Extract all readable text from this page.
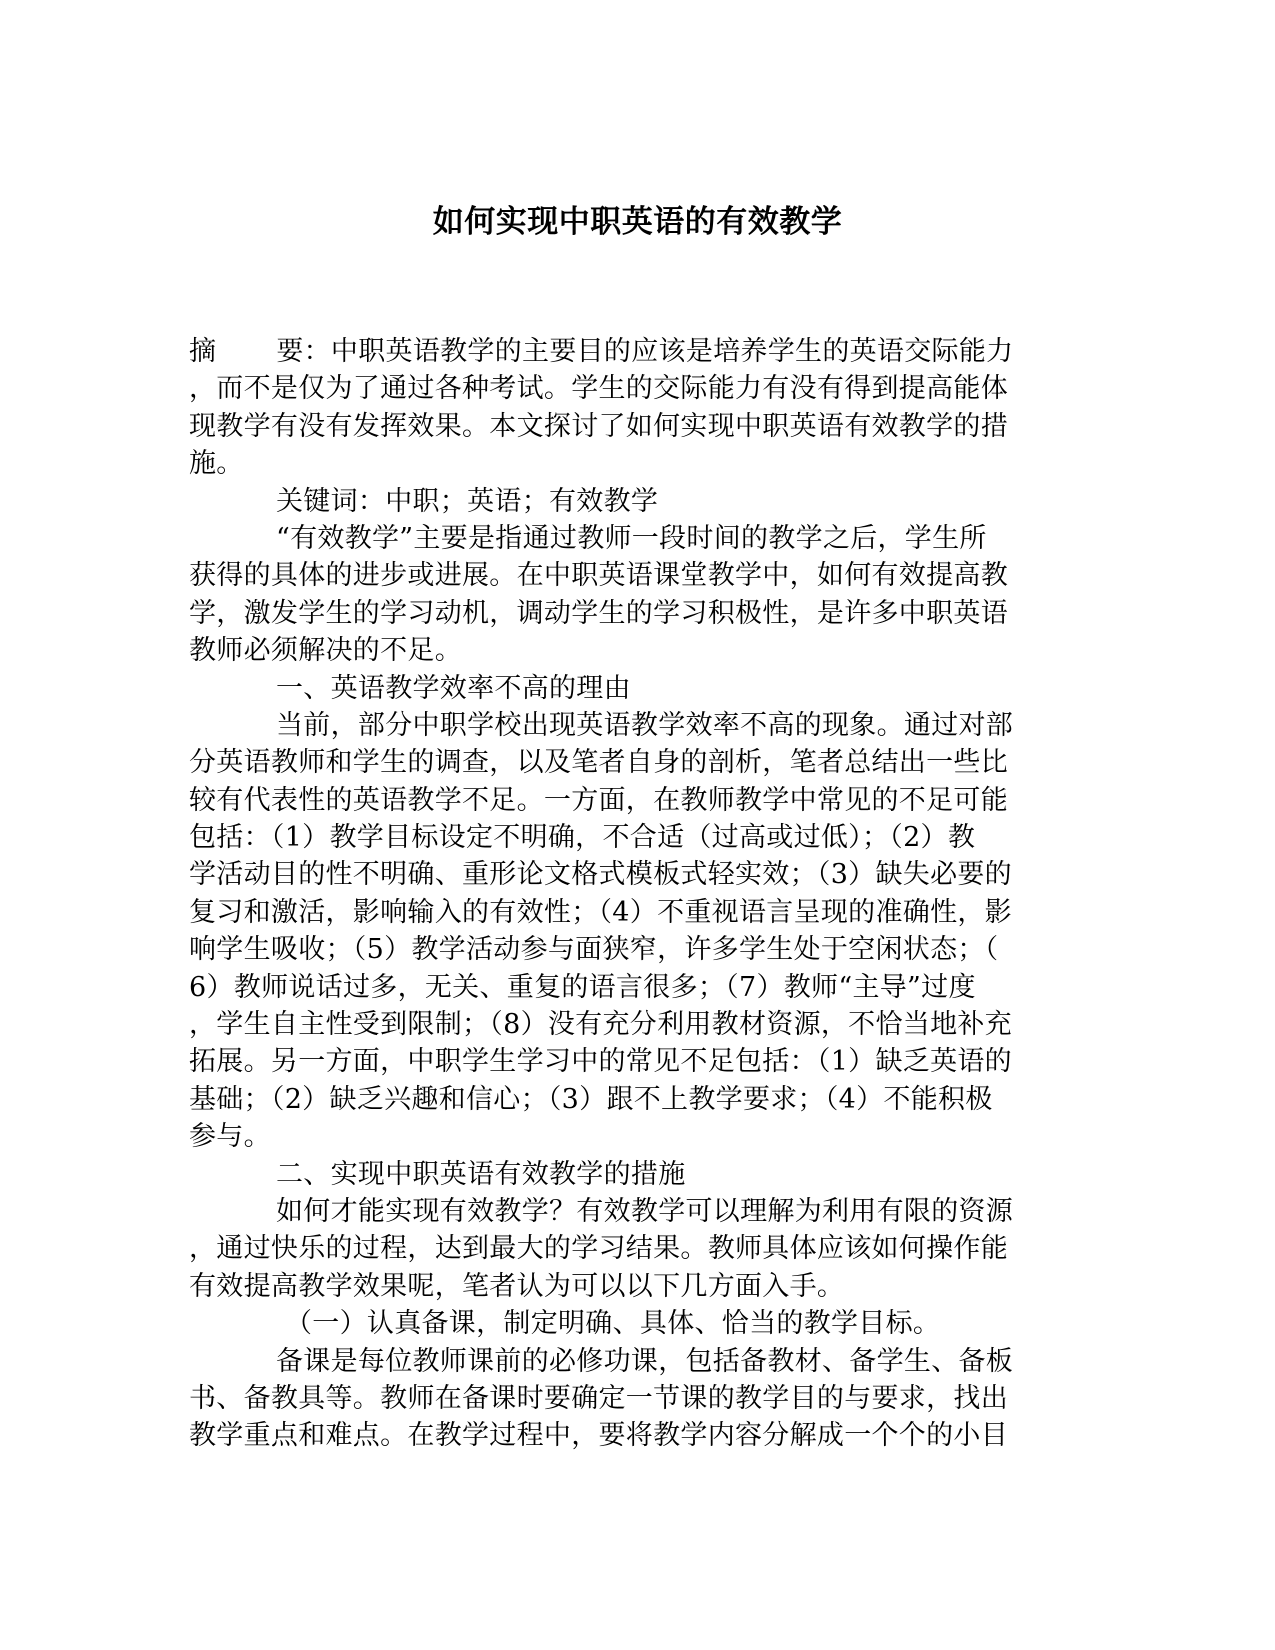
如何实现中职英语的有效教学
摘 要：中职英语教学的主要目的应该是培养学生的英语交际能力
，而不是仅为了通过各种考试。学生的交际能力有没有得到提高能体
现教学有没有发挥效果。本文探讨了如何实现中职英语有效教学的措
施。
关键词：中职；英语；有效教学
“有效教学”主要是指通过教师一段时间的教学之后，学生所
获得的具体的进步或进展。在中职英语课堂教学中，如何有效提高教
学，激发学生的学习动机，调动学生的学习积极性，是许多中职英语
教师必须解决的不足。
一、英语教学效率不高的理由
当前，部分中职学校出现英语教学效率不高的现象。通过对部
分英语教师和学生的调查，以及笔者自身的剖析，笔者总结出一些比
较有代表性的英语教学不足。一方面，在教师教学中常见的不足可能
包括：（1）教学目标设定不明确，不合适（过高或过低）；（2）教
学活动目的性不明确、重形论文格式模板式轻实效；（3）缺失必要的
复习和激活，影响输入的有效性；（4）不重视语言呈现的准确性，影
响学生吸收；（5）教学活动参与面狭窄，许多学生处于空闲状态；（
6）教师说话过多，无关、重复的语言很多；（7）教师“主导”过度
，学生自主性受到限制；（8）没有充分利用教材资源，不恰当地补充
拓展。另一方面，中职学生学习中的常见不足包括：（1）缺乏英语的
基础；（2）缺乏兴趣和信心；（3）跟不上教学要求；（4）不能积极
参与。
二、实现中职英语有效教学的措施
如何才能实现有效教学？有效教学可以理解为利用有限的资源
，通过快乐的过程，达到最大的学习结果。教师具体应该如何操作能
有效提高教学效果呢，笔者认为可以以下几方面入手。
（一）认真备课，制定明确、具体、恰当的教学目标。
备课是每位教师课前的必修功课，包括备教材、备学生、备板
书、备教具等。教师在备课时要确定一节课的教学目的与要求，找出
教学重点和难点。在教学过程中，要将教学内容分解成一个个的小目
